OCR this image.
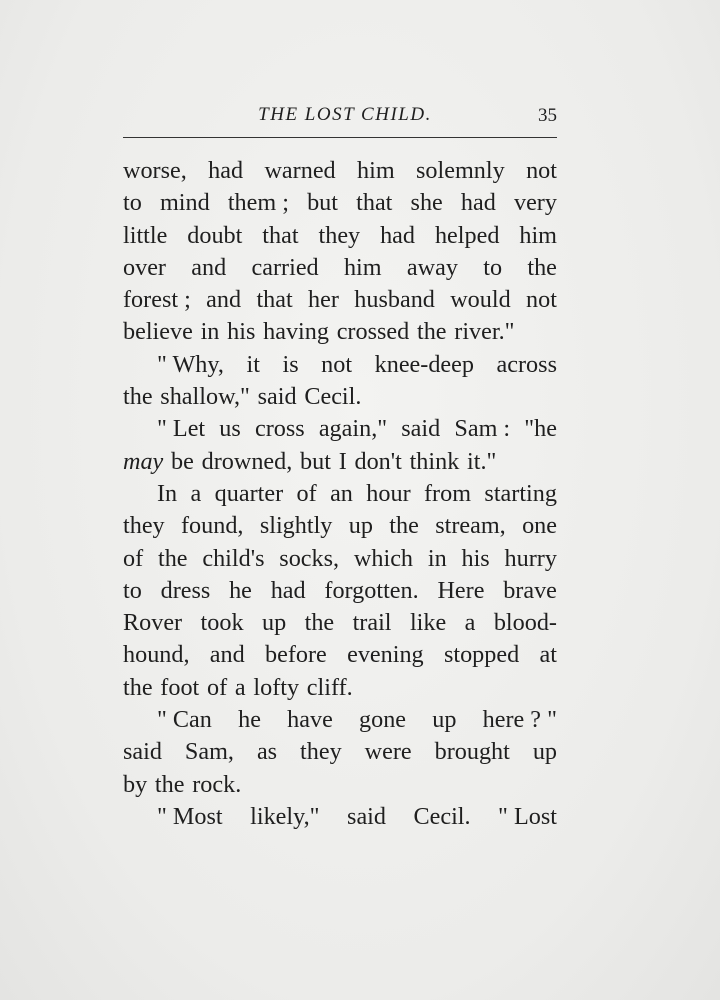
THE LOST CHILD.	35
worse, had warned him solemnly not
to mind them ; but that she had very
little doubt that they had helped him
over and carried him away to the
forest ; and that her husband would not
believe in his having crossed the river."
" Why, it is not knee-deep across
the shallow," said Cecil.
" Let us cross again," said Sam : "he
may be drowned, but I don't think it."
In a quarter of an hour from starting
they found, slightly up the stream, one
of the child's socks, which in his hurry
to dress he had forgotten. Here brave
Rover took up the trail like a blood-
hound, and before evening stopped at
the foot of a lofty cliff.
" Can he have gone up here ? "
said Sam, as they were brought up
by the rock.
" Most likely," said Cecil. " Lost
